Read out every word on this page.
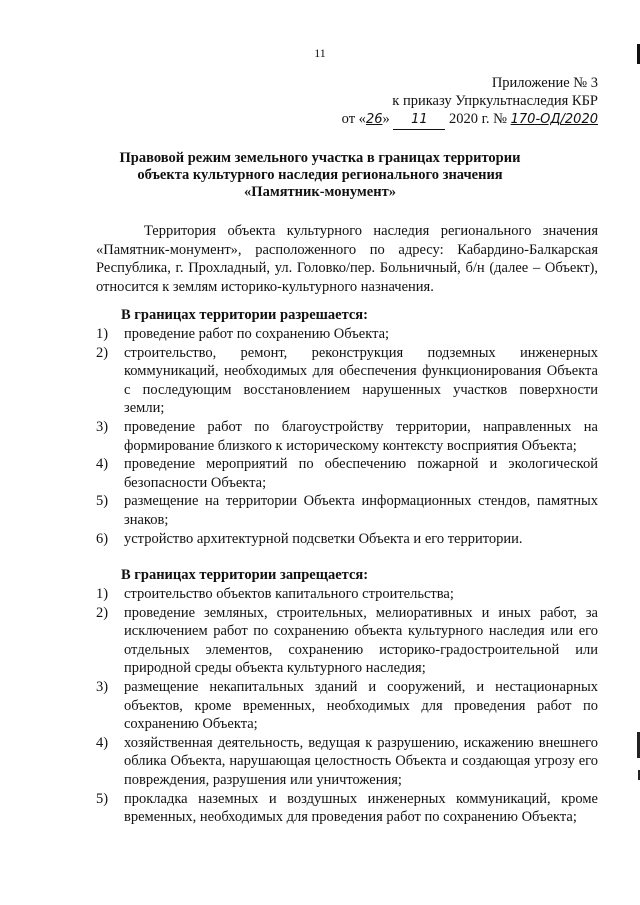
11
Приложение № 3
к приказу Упркультнаследия КБР
от «26» 11 2020 г. № 170-ОД/2020
Правовой режим земельного участка в границах территории
объекта культурного наследия регионального значения
«Памятник-монумент»
Территория объекта культурного наследия регионального значения «Памятник-монумент», расположенного по адресу: Кабардино-Балкарская Республика, г. Прохладный, ул. Головко/пер. Больничный, б/н (далее – Объект), относится к землям историко-культурного назначения.
В границах территории разрешается:
1) проведение работ по сохранению Объекта;
2) строительство, ремонт, реконструкция подземных инженерных коммуникаций, необходимых для обеспечения функционирования Объекта с последующим восстановлением нарушенных участков поверхности земли;
3) проведение работ по благоустройству территории, направленных на формирование близкого к историческому контексту восприятия Объекта;
4) проведение мероприятий по обеспечению пожарной и экологической безопасности Объекта;
5) размещение на территории Объекта информационных стендов, памятных знаков;
6) устройство архитектурной подсветки Объекта и его территории.
В границах территории запрещается:
1) строительство объектов капитального строительства;
2) проведение земляных, строительных, мелиоративных и иных работ, за исключением работ по сохранению объекта культурного наследия или его отдельных элементов, сохранению историко-градостроительной или природной среды объекта культурного наследия;
3) размещение некапитальных зданий и сооружений, и нестационарных объектов, кроме временных, необходимых для проведения работ по сохранению Объекта;
4) хозяйственная деятельность, ведущая к разрушению, искажению внешнего облика Объекта, нарушающая целостность Объекта и создающая угрозу его повреждения, разрушения или уничтожения;
5) прокладка наземных и воздушных инженерных коммуникаций, кроме временных, необходимых для проведения работ по сохранению Объекта;
